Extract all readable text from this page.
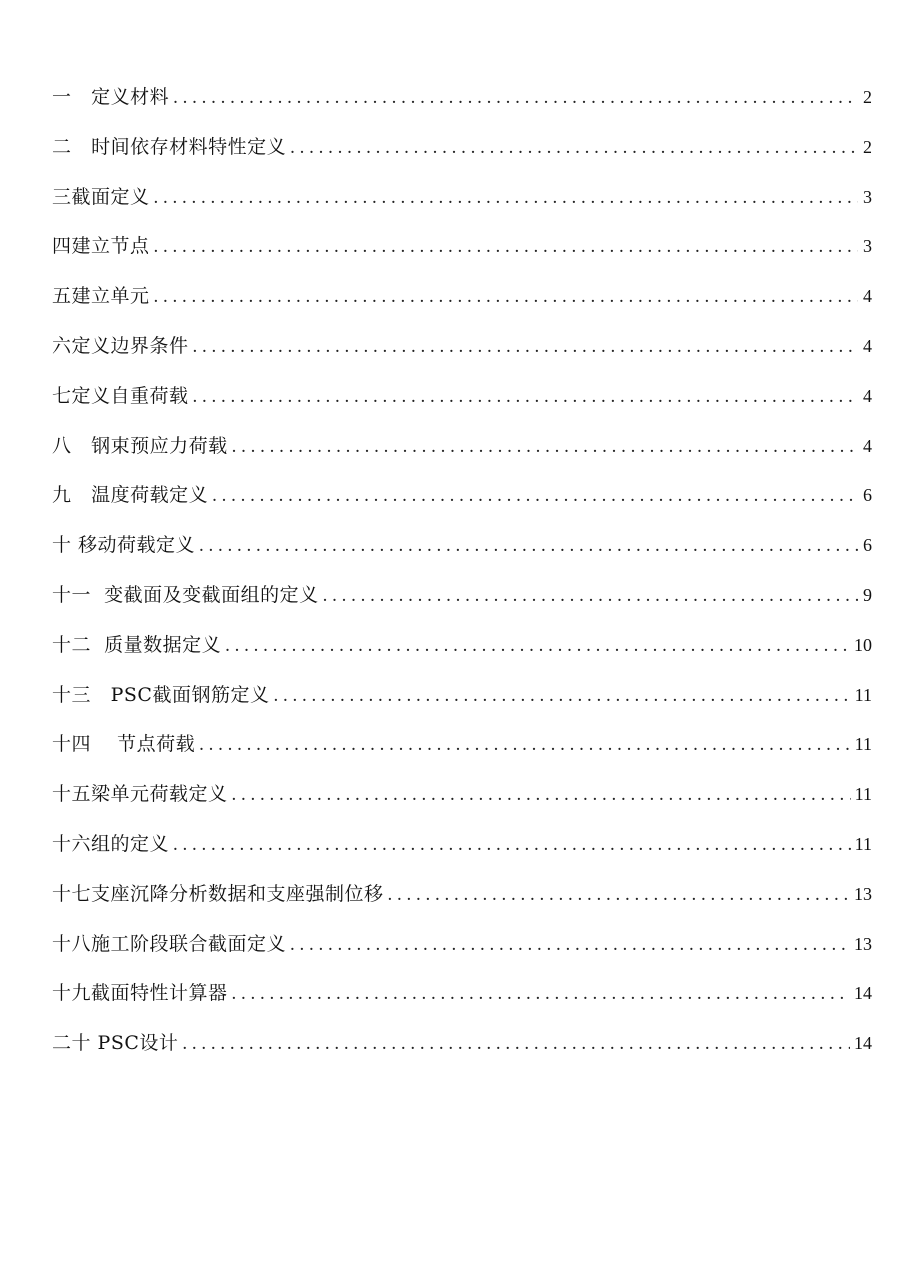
一   定义材料 . . .	2
二   时间依存材料特性定义 . . .	2
三截面定义 . . .	3
四建立节点 . . .	3
五建立单元 . . .	4
六定义边界条件 . . .	4
七定义自重荷载 . . .	4
八   钢束预应力荷载 . . .	4
九   温度荷载定义 . . .	6
十 移动荷载定义 . . .	6
十一  变截面及变截面组的定义 . . .	9
十二  质量数据定义 . . .	10
十三   PSC截面钢筋定义 . . .	11
十四    节点荷载 . . .	11
十五梁单元荷载定义 . . .	11
十六组的定义 . . .	11
十七支座沉降分析数据和支座强制位移 . . .	13
十八施工阶段联合截面定义 . . .	13
十九截面特性计算器 . . .	14
二十 PSC设计 . . .	14
